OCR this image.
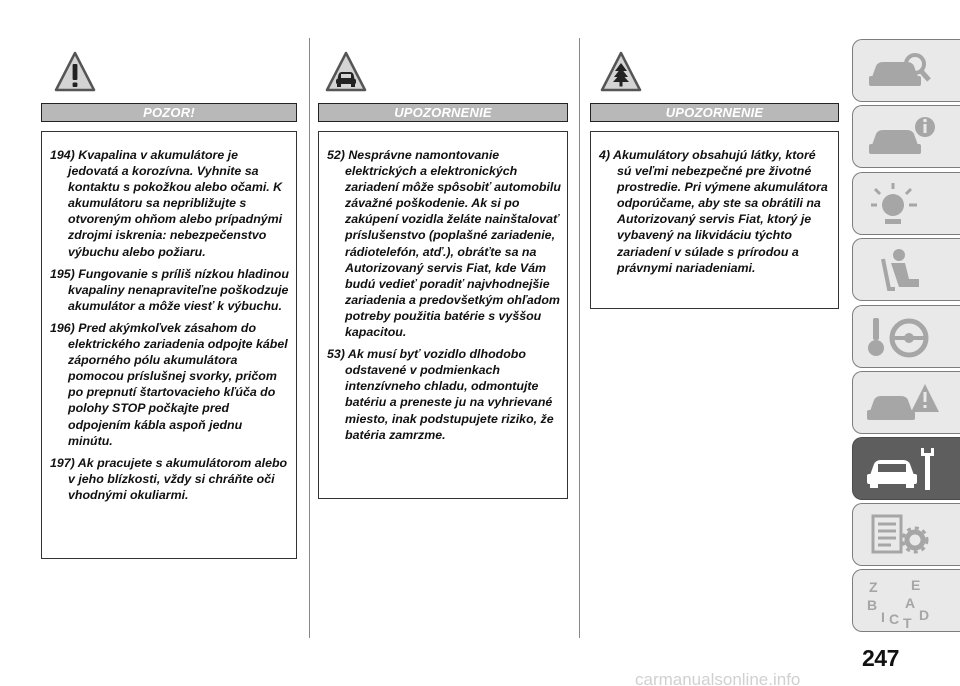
POZOR!

194) Kvapalina v akumulátore je jedovatá a korozívna. Vyhnite sa kontaktu s pokožkou alebo očami. K akumulátoru sa nepribližujte s otvoreným ohňom alebo prípadnými zdrojmi iskrenia: nebezpečenstvo výbuchu alebo požiaru.

195) Fungovanie s príliš nízkou hladinou kvapaliny nenapraviteľne poškodzuje akumulátor a môže viesť k výbuchu.

196) Pred akýmkoľvek zásahom do elektrického zariadenia odpojte kábel záporného pólu akumulátora pomocou príslušnej svorky, pričom po prepnutí štartovacieho kľúča do polohy STOP počkajte pred odpojením kábla aspoň jednu minútu.

197) Ak pracujete s akumulátorom alebo v jeho blízkosti, vždy si chráňte oči vhodnými okuliarmi.

UPOZORNENIE

52) Nesprávne namontovanie elektrických a elektronických zariadení môže spôsobiť automobilu závažné poškodenie. Ak si po zakúpení vozidla želáte nainštalovať príslušenstvo (poplašné zariadenie, rádiotelefón, atď.), obráťte sa na Autorizovaný servis Fiat, kde Vám budú vedieť poradiť najvhodnejšie zariadenia a predovšetkým ohľadom potreby použitia batérie s vyššou kapacitou.

53) Ak musí byť vozidlo dlhodobo odstavené v podmienkach intenzívneho chladu, odmontujte batériu a preneste ju na vyhrievané miesto, inak podstupujete riziko, že batéria zamrzme.

UPOZORNENIE

4) Akumulátory obsahujú látky, ktoré sú veľmi nebezpečné pre životné prostredie. Pri výmene akumulátora odporúčame, aby ste sa obrátili na Autorizovaný servis Fiat, ktorý je vybavený na likvidáciu týchto zariadení v súlade s prírodou a právnymi nariadeniami.

Z E
B A
I C T D
247
carmanualsonline.info
